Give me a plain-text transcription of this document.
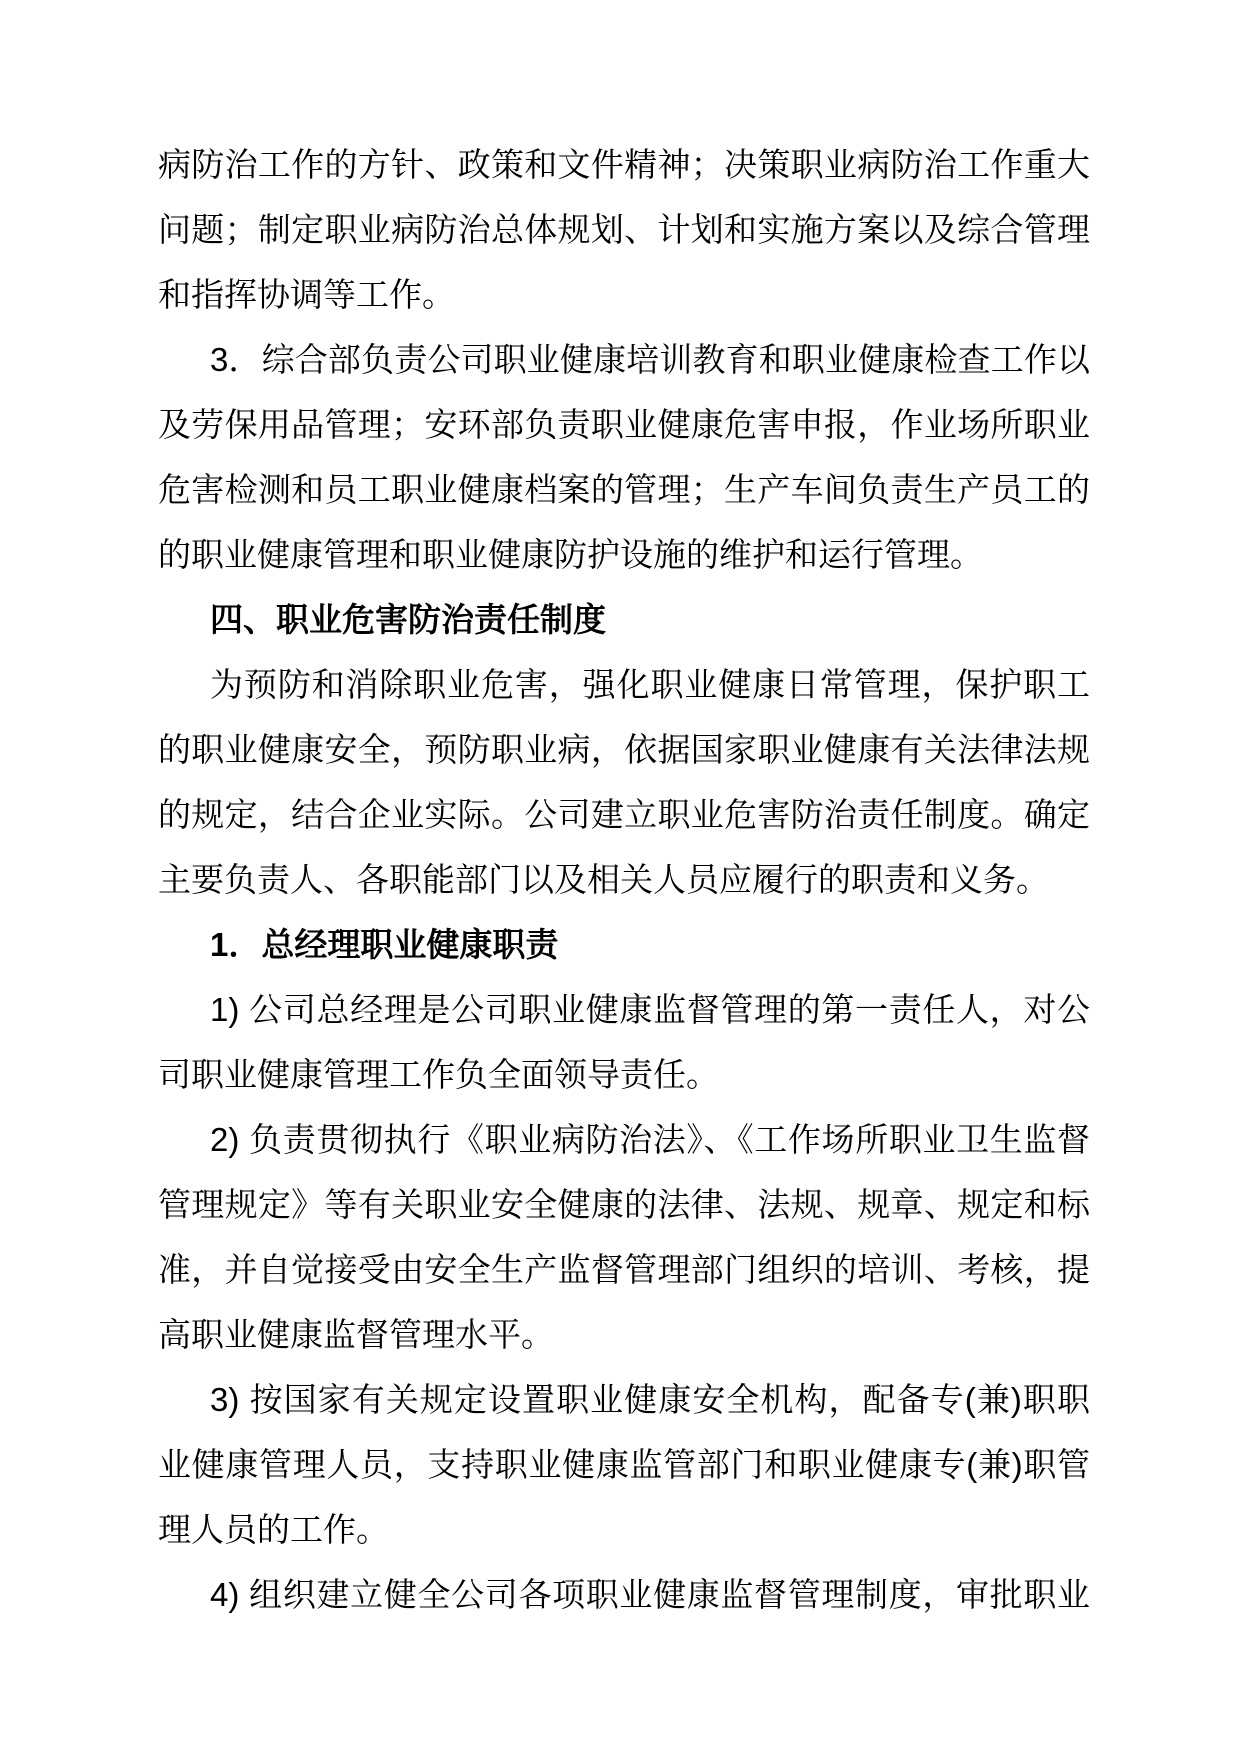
病防治工作的方针、政策和文件精神；决策职业病防治工作重大
问题；制定职业病防治总体规划、计划和实施方案以及综合管理
和指挥协调等工作。
3．综合部负责公司职业健康培训教育和职业健康检查工作以
及劳保用品管理；安环部负责职业健康危害申报，作业场所职业
危害检测和员工职业健康档案的管理；生产车间负责生产员工的
的职业健康管理和职业健康防护设施的维护和运行管理。
四、职业危害防治责任制度
为预防和消除职业危害，强化职业健康日常管理，保护职工
的职业健康安全，预防职业病，依据国家职业健康有关法律法规
的规定，结合企业实际。公司建立职业危害防治责任制度。确定
主要负责人、各职能部门以及相关人员应履行的职责和义务。
1．总经理职业健康职责
1) 公司总经理是公司职业健康监督管理的第一责任人，对公
司职业健康管理工作负全面领导责任。
2) 负责贯彻执行《职业病防治法》、《工作场所职业卫生监督
管理规定》等有关职业安全健康的法律、法规、规章、规定和标
准，并自觉接受由安全生产监督管理部门组织的培训、考核，提
高职业健康监督管理水平。
3) 按国家有关规定设置职业健康安全机构，配备专(兼)职职
业健康管理人员，支持职业健康监管部门和职业健康专(兼)职管
理人员的工作。
4) 组织建立健全公司各项职业健康监督管理制度，审批职业
